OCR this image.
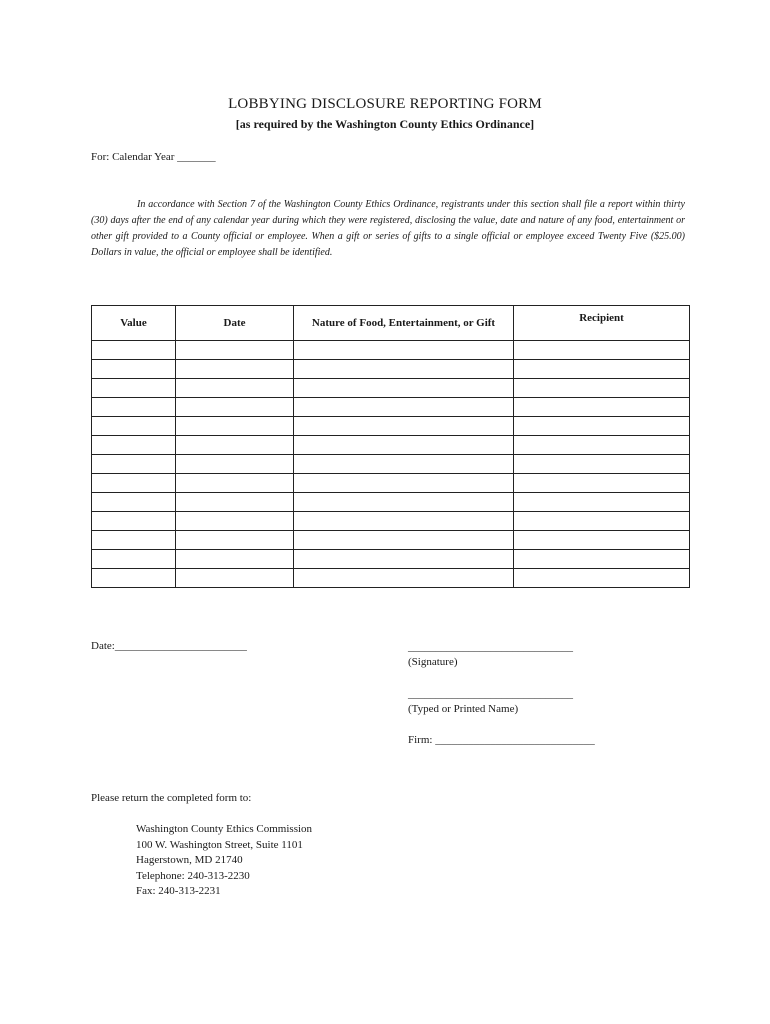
LOBBYING DISCLOSURE REPORTING FORM
[as required by the Washington County Ethics Ordinance]
For: Calendar Year _______
In accordance with Section 7 of the Washington County Ethics Ordinance, registrants under this section shall file a report within thirty (30) days after the end of any calendar year during which they were registered, disclosing the value, date and nature of any food, entertainment or other gift provided to a County official or employee. When a gift or series of gifts to a single official or employee exceed Twenty Five ($25.00) Dollars in value, the official or employee shall be identified.
Value	Date	Nature of Food, Entertainment, or Gift	Recipient

Date:________________________	______________________________
(Signature)
______________________________
(Typed or Printed Name)
Firm: _____________________________
Please return the completed form to:
Washington County Ethics Commission
100 W. Washington Street, Suite 1101
Hagerstown, MD 21740
Telephone: 240-313-2230
Fax: 240-313-2231
